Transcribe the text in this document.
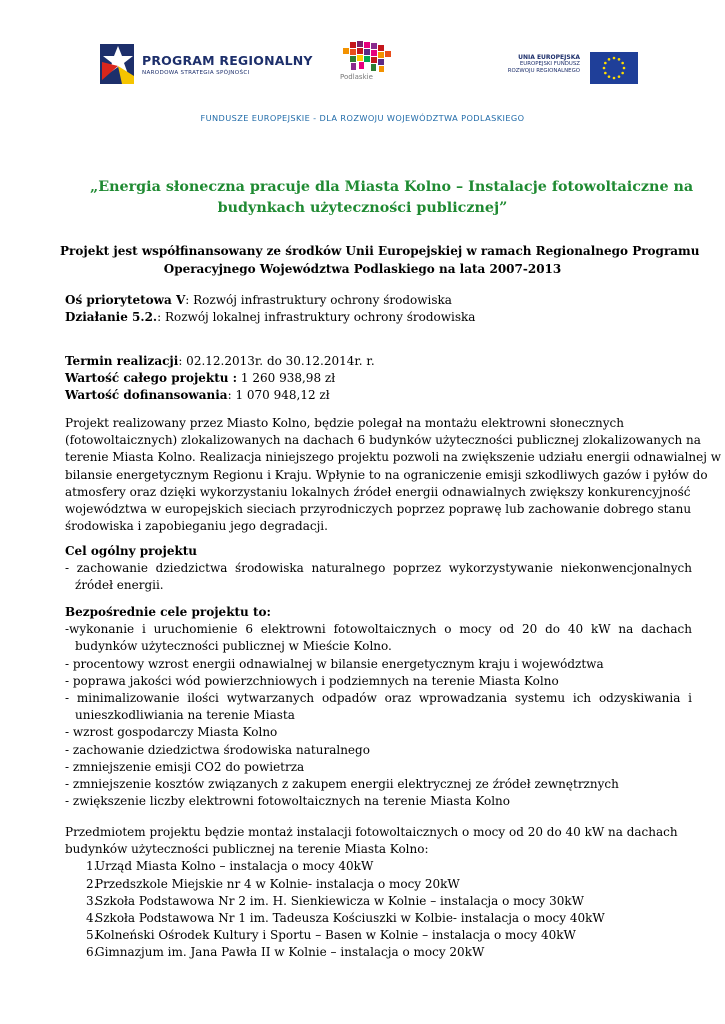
PROGRAM REGIONALNY
NARODOWA STRATEGIA SPÓJNOŚCI	Podlaskie
UNIA EUROPEJSKA
EUROPEJSKI FUNDUSZ
ROZWOJU REGIONALNEGO
FUNDUSZE EUROPEJSKIE - DLA ROZWOJU WOJEWÓDZTWA PODLASKIEGO
„Energia słoneczna pracuje dla Miasta Kolno – Instalacje fotowoltaiczne na
budynkach użyteczności publicznej”
Projekt jest współfinansowany ze środków Unii Europejskiej w ramach Regionalnego Programu
Operacyjnego Województwa Podlaskiego na lata 2007-2013
Oś priorytetowa V: Rozwój infrastruktury ochrony środowiska
Działanie 5.2.: Rozwój lokalnej infrastruktury ochrony środowiska
Termin realizacji: 02.12.2013r. do 30.12.2014r. r.
Wartość całego projektu : 1 260 938,98 zł
Wartość dofinansowania: 1 070 948,12 zł
Projekt realizowany przez Miasto Kolno, będzie polegał na montażu elektrowni słonecznych
(fotowoltaicznych) zlokalizowanych na dachach 6 budynków użyteczności publicznej zlokalizowanych na
terenie Miasta Kolno. Realizacja niniejszego projektu pozwoli na zwiększenie udziału energii odnawialnej w
bilansie energetycznym Regionu i Kraju. Wpłynie to na ograniczenie emisji szkodliwych gazów i pyłów do
atmosfery oraz dzięki wykorzystaniu lokalnych źródeł energii odnawialnych zwiększy konkurencyjność
województwa w europejskich sieciach przyrodniczych poprzez poprawę lub zachowanie dobrego stanu
środowiska i zapobieganiu jego degradacji.
Cel ogólny projektu
- zachowanie dziedzictwa środowiska naturalnego poprzez wykorzystywanie niekonwencjonalnych źródeł energii.
Bezpośrednie cele projektu to:
-wykonanie i uruchomienie 6 elektrowni fotowoltaicznych o mocy od 20 do 40 kW na dachach budynków użyteczności publicznej w Mieście Kolno.
- procentowy wzrost energii odnawialnej w bilansie energetycznym kraju i województwa
- poprawa jakości wód powierzchniowych i podziemnych na terenie Miasta Kolno
- minimalizowanie ilości wytwarzanych odpadów oraz wprowadzania systemu ich odzyskiwania i unieszkodliwiania na terenie Miasta
- wzrost gospodarczy Miasta Kolno
- zachowanie dziedzictwa środowiska naturalnego
- zmniejszenie emisji CO2 do powietrza
- zmniejszenie kosztów związanych z zakupem energii elektrycznej ze źródeł zewnętrznych
- zwiększenie liczby elektrowni fotowoltaicznych na terenie Miasta Kolno
Przedmiotem projektu będzie montaż instalacji fotowoltaicznych o mocy od 20 do 40 kW na dachach
budynków użyteczności publicznej na terenie Miasta Kolno:
1.
Urząd Miasta Kolno – instalacja o mocy 40kW
2.
Przedszkole Miejskie nr 4 w Kolnie- instalacja o mocy 20kW
3.
Szkoła Podstawowa Nr 2 im. H. Sienkiewicza w Kolnie – instalacja o mocy 30kW
4.
Szkoła Podstawowa Nr 1 im. Tadeusza Kościuszki w Kolbie- instalacja o mocy 40kW
5.
Kolneński Ośrodek Kultury i Sportu – Basen w Kolnie – instalacja o mocy 40kW
6.
Gimnazjum im. Jana Pawła II w Kolnie – instalacja o mocy 20kW
